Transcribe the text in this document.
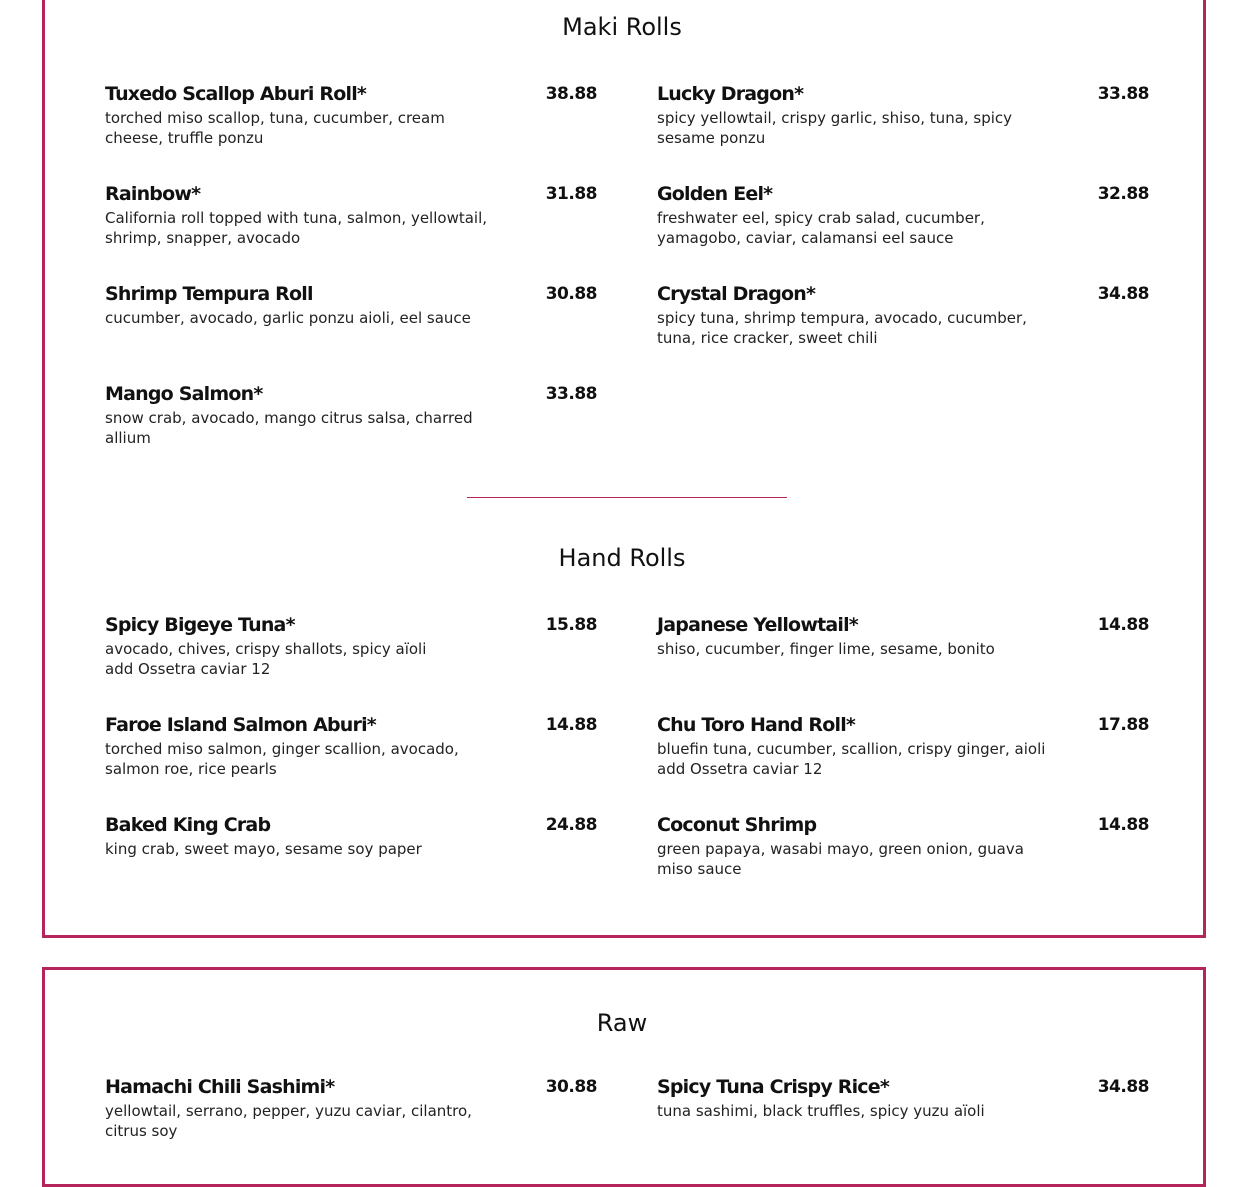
Maki Rolls
Tuxedo Scallop Aburi Roll*	38.88
torched miso scallop, tuna, cucumber, cream cheese, truffle ponzu
Lucky Dragon*	33.88
spicy yellowtail, crispy garlic, shiso, tuna, spicy sesame ponzu
Rainbow*	31.88
California roll topped with tuna, salmon, yellowtail, shrimp, snapper, avocado
Golden Eel*	32.88
freshwater eel, spicy crab salad, cucumber, yamagobo, caviar, calamansi eel sauce
Shrimp Tempura Roll	30.88
cucumber, avocado, garlic ponzu aioli, eel sauce
Crystal Dragon*	34.88
spicy tuna, shrimp tempura, avocado, cucumber, tuna, rice cracker, sweet chili
Mango Salmon*	33.88
snow crab, avocado, mango citrus salsa, charred allium
Hand Rolls
Spicy Bigeye Tuna*	15.88
avocado, chives, crispy shallots, spicy aïoli
add Ossetra caviar 12
Japanese Yellowtail*	14.88
shiso, cucumber, finger lime, sesame, bonito
Faroe Island Salmon Aburi*	14.88
torched miso salmon, ginger scallion, avocado, salmon roe, rice pearls
Chu Toro Hand Roll*	17.88
bluefin tuna, cucumber, scallion, crispy ginger, aioli
add Ossetra caviar 12
Baked King Crab	24.88
king crab, sweet mayo, sesame soy paper
Coconut Shrimp	14.88
green papaya, wasabi mayo, green onion, guava miso sauce
Raw
Hamachi Chili Sashimi*	30.88
yellowtail, serrano, pepper, yuzu caviar, cilantro, citrus soy
Spicy Tuna Crispy Rice*	34.88
tuna sashimi, black truffles, spicy yuzu aïoli
